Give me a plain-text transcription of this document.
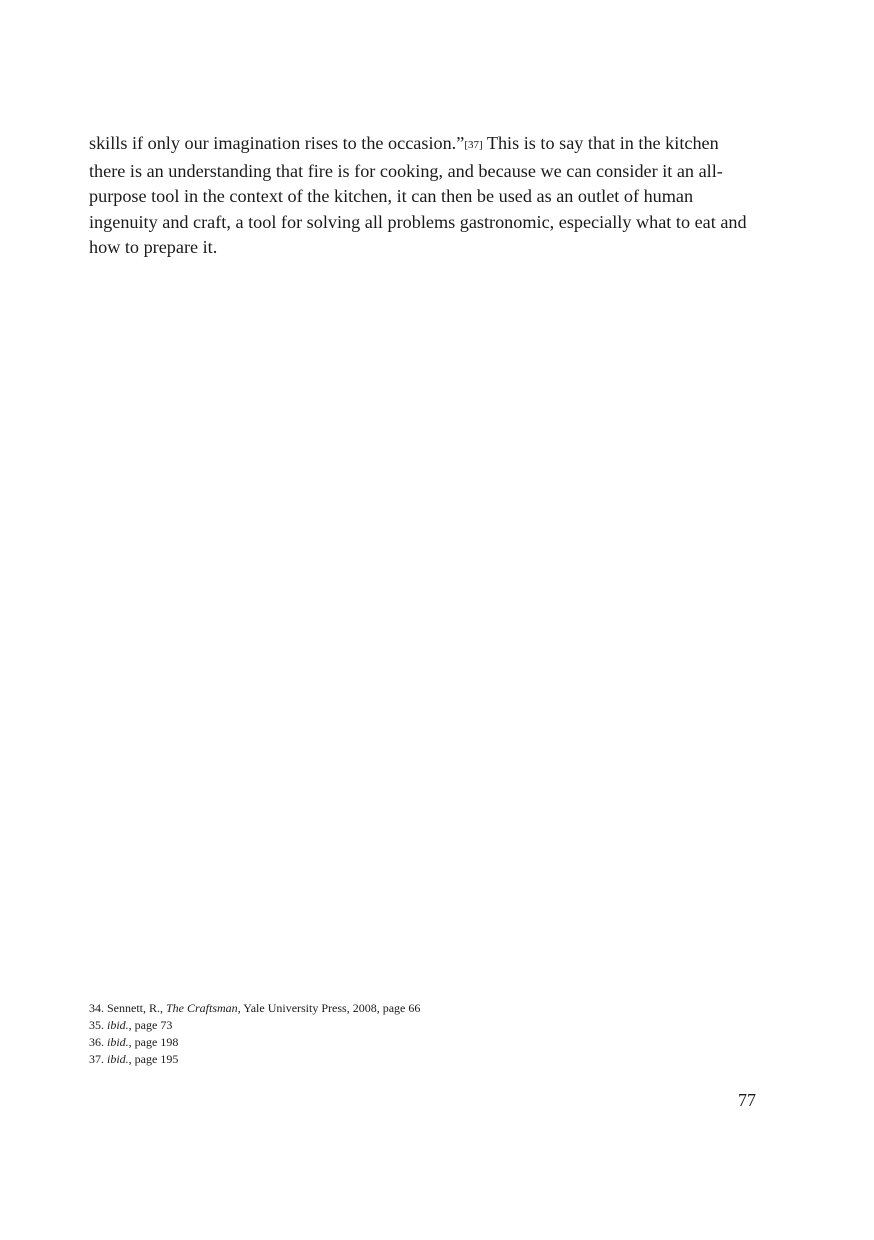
skills if only our imagination rises to the occasion.”[37] This is to say that in the kitchen there is an understanding that fire is for cooking, and because we can consider it an all-purpose tool in the context of the kitchen, it can then be used as an outlet of human ingenuity and craft, a tool for solving all problems gastronomic, especially what to eat and how to prepare it.

34. Sennett, R., The Craftsman, Yale University Press, 2008, page 66
35. ibid., page 73
36. ibid., page 198
37. ibid., page 195
77
